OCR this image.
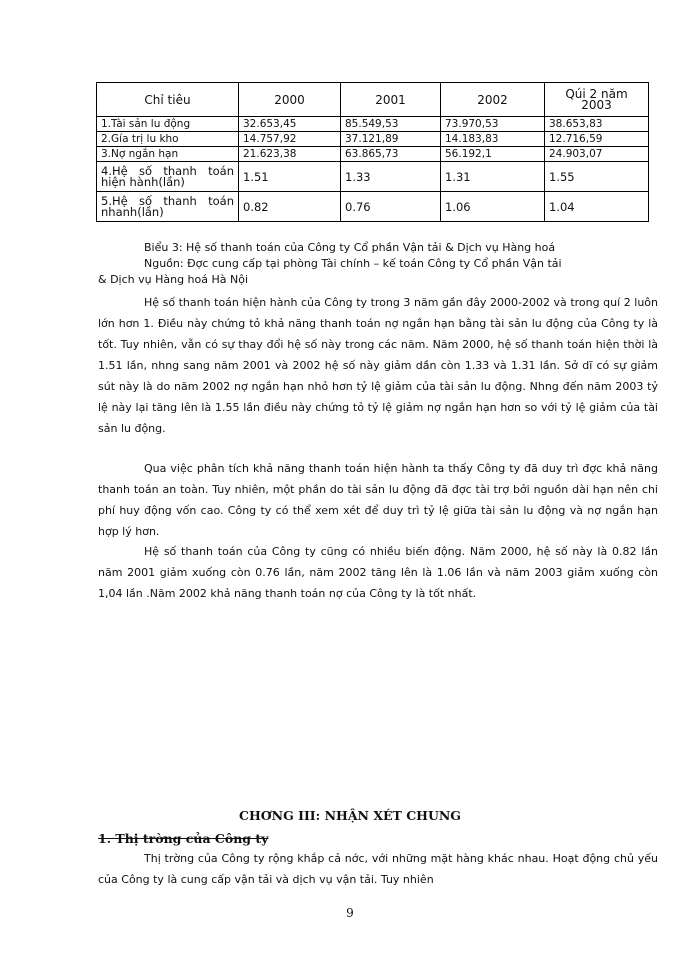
Chỉ tiêu	2000	2001	2002	Qúi 2 năm 2003
1.Tài sản lu động	32.653,45	85.549,53	73.970,53	38.653,83
2.Gía trị lu kho	14.757,92	37.121,89	14.183,83	12.716,59
3.Nợ ngắn hạn	21.623,38	63.865,73	56.192,1	24.903,07
4.Hệ số thanh toán hiện hành(lần)	1.51	1.33	1.31	1.55
5.Hệ số thanh toán nhanh(lần)	0.82	0.76	1.06	1.04
Biểu 3: Hệ số thanh toán của Công ty Cổ phần Vận tải & Dịch vụ Hàng hoá
Nguồn: Đợc cung cấp tại phòng Tài chính – kế toán Công ty Cổ phần Vận tải
& Dịch vụ Hàng hoá Hà Nội

Hệ số thanh toán hiện hành của Công ty trong 3 năm gần đây 2000-2002 và trong quí 2 luôn lớn hơn 1. Điều này chứng tỏ khả năng thanh toán nợ ngắn hạn bằng tài sản lu động của Công ty là tốt. Tuy nhiên, vẫn có sự thay đổi hệ số này trong các năm. Năm 2000, hệ số thanh toán hiện thời là 1.51 lần, nhng sang năm 2001 và 2002 hệ số này giảm dần còn 1.33 và 1.31 lần. Sở dĩ có sự giảm sút này là do năm 2002 nợ ngắn hạn nhỏ hơn tỷ lệ giảm của tài sản lu động. Nhng đến năm 2003 tỷ lệ này lại tăng lên là 1.55 lần điều này chứng tỏ tỷ lệ giảm nợ ngắn hạn hơn so với tỷ lệ giảm của tài sản lu động.

Qua việc phân tích khả năng thanh toán hiện hành ta thấy Công ty đã duy trì đợc khả năng thanh toán an toàn. Tuy nhiên, một phần do tài sản lu động đã đợc tài trợ bởi nguồn dài hạn nên chi phí huy động vốn cao. Công ty có thể xem xét để duy trì tỷ lệ giữa tài sản lu động và nợ ngắn hạn hợp lý hơn.

Hệ số thanh toán của Công ty cũng có nhiều biến động. Năm 2000, hệ số này là 0.82 lần năm 2001 giảm xuống còn 0.76 lần, năm 2002 tăng lên là 1.06 lần và năm 2003 giảm xuống còn 1,04 lần .Năm 2002 khả năng thanh toán nợ của Công ty là tốt nhất.

CHƠNG III: NHẬN XÉT CHUNG
1. Thị trờng của Công ty

Thị trờng của Công ty rộng khắp cả nớc, với những mặt hàng khác nhau. Hoạt động chủ yếu của Công ty là cung cấp vận tải và dịch vụ vận tải. Tuy nhiên

9
